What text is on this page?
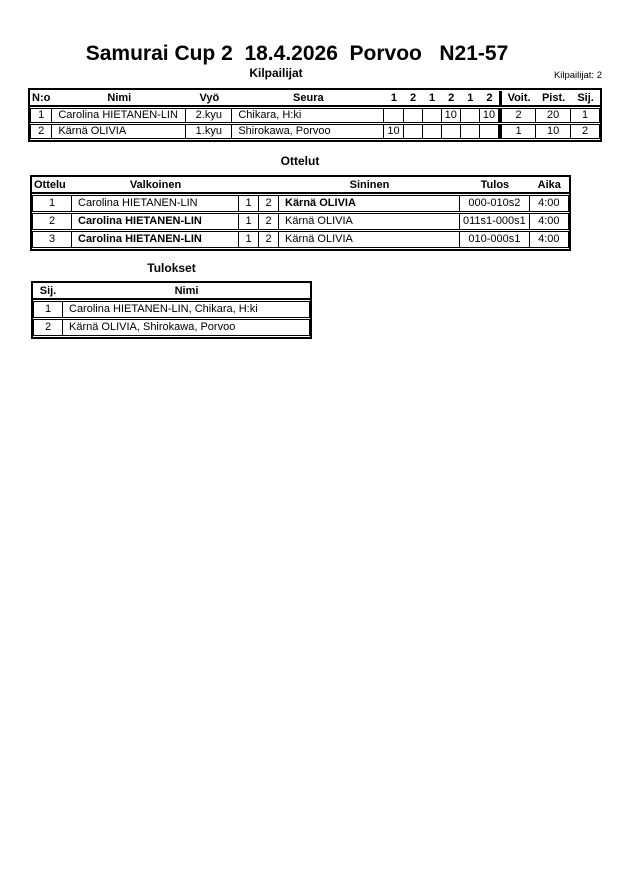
Samurai Cup 2  18.4.2026  Porvoo   N21-57
Kilpailijat	Kilpailijat: 2
N:o	Nimi	Vyö	Seura	1	2	1	2	1	2	Voit.	Pist.	Sij.
1	Carolina HIETANEN-LIN	2.kyu	Chikara, H:ki				10		10	2	20	1
2	Kärnä OLIVIA	1.kyu	Shirokawa, Porvoo	10						1	10	2
Ottelut
Ottelu	Valkoinen			Sininen	Tulos	Aika
1	Carolina HIETANEN-LIN	1	2	Kärnä OLIVIA	000-010s2	4:00
2	Carolina HIETANEN-LIN	1	2	Kärnä OLIVIA	011s1-000s1	4:00
3	Carolina HIETANEN-LIN	1	2	Kärnä OLIVIA	010-000s1	4:00
Tulokset
Sij.	Nimi
1	Carolina HIETANEN-LIN, Chikara, H:ki
2	Kärnä OLIVIA, Shirokawa, Porvoo
